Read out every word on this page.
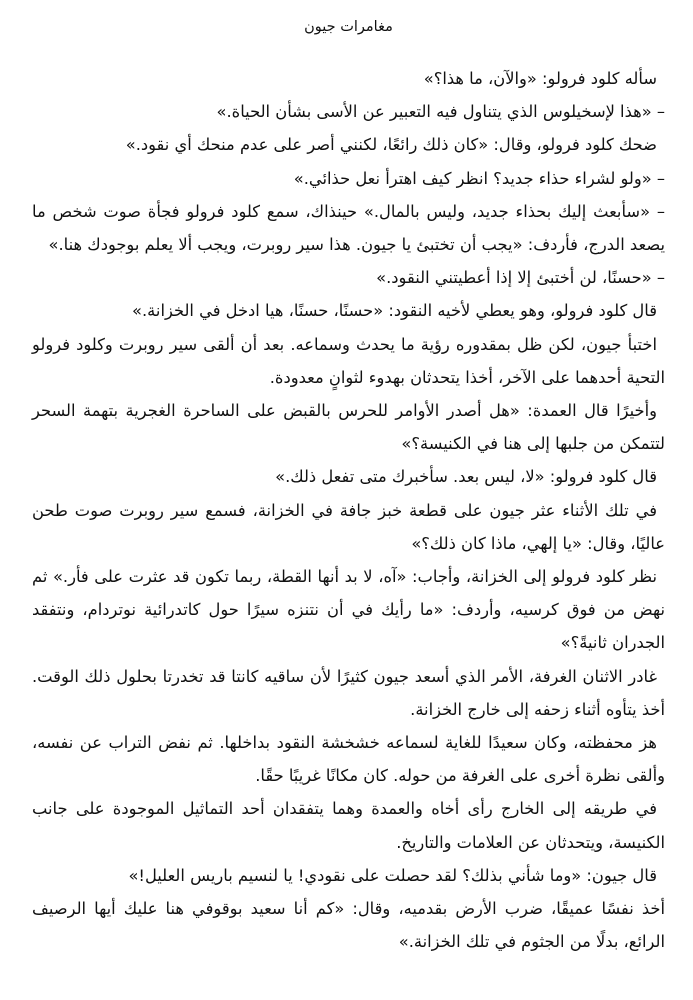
مغامرات جيون

سأله كلود فرولو: «والآن، ما هذا؟»

– «هذا لإسخيلوس الذي يتناول فيه التعبير عن الأسى بشأن الحياة.»

ضحك كلود فرولو، وقال: «كان ذلك رائعًا، لكنني أصر على عدم منحك أي نقود.»

– «ولو لشراء حذاء جديد؟ انظر كيف اهترأ نعل حذائي.»

– «سأبعث إليك بحذاء جديد، وليس بالمال.» حينذاك، سمع كلود فرولو فجأة صوت شخص ما يصعد الدرج، فأردف: «يجب أن تختبئ يا جيون. هذا سير روبرت، ويجب ألا يعلم بوجودك هنا.»

– «حسنًا، لن أختبئ إلا إذا أعطيتني النقود.»

قال كلود فرولو، وهو يعطي لأخيه النقود: «حسنًا، حسنًا، هيا ادخل في الخزانة.»

اختبأ جيون، لكن ظل بمقدوره رؤية ما يحدث وسماعه. بعد أن ألقى سير روبرت وكلود فرولو التحية أحدهما على الآخر، أخذا يتحدثان بهدوء لثوانٍ معدودة.

وأخيرًا قال العمدة: «هل أصدر الأوامر للحرس بالقبض على الساحرة الغجرية بتهمة السحر لتتمكن من جلبها إلى هنا في الكنيسة؟»

قال كلود فرولو: «لا، ليس بعد. سأخبرك متى تفعل ذلك.»

في تلك الأثناء عثر جيون على قطعة خبز جافة في الخزانة، فسمع سير روبرت صوت طحن عاليًا، وقال: «يا إلهي، ماذا كان ذلك؟»

نظر كلود فرولو إلى الخزانة، وأجاب: «آه، لا بد أنها القطة، ربما تكون قد عثرت على فأر.» ثم نهض من فوق كرسيه، وأردف: «ما رأيك في أن نتنزه سيرًا حول كاتدرائية نوتردام، ونتفقد الجدران ثانيةً؟»

غادر الاثنان الغرفة، الأمر الذي أسعد جيون كثيرًا لأن ساقيه كانتا قد تخدرتا بحلول ذلك الوقت. أخذ يتأوه أثناء زحفه إلى خارج الخزانة.

هز محفظته، وكان سعيدًا للغاية لسماعه خشخشة النقود بداخلها. ثم نفض التراب عن نفسه، وألقى نظرة أخرى على الغرفة من حوله. كان مكانًا غريبًا حقًا.

في طريقه إلى الخارج رأى أخاه والعمدة وهما يتفقدان أحد التماثيل الموجودة على جانب الكنيسة، ويتحدثان عن العلامات والتاريخ.

قال جيون: «وما شأني بذلك؟ لقد حصلت على نقودي! يا لنسيم باريس العليل!»

أخذ نفسًا عميقًا، ضرب الأرض بقدميه، وقال: «كم أنا سعيد بوقوفي هنا عليك أيها الرصيف الرائع، بدلًا من الجثوم في تلك الخزانة.»
